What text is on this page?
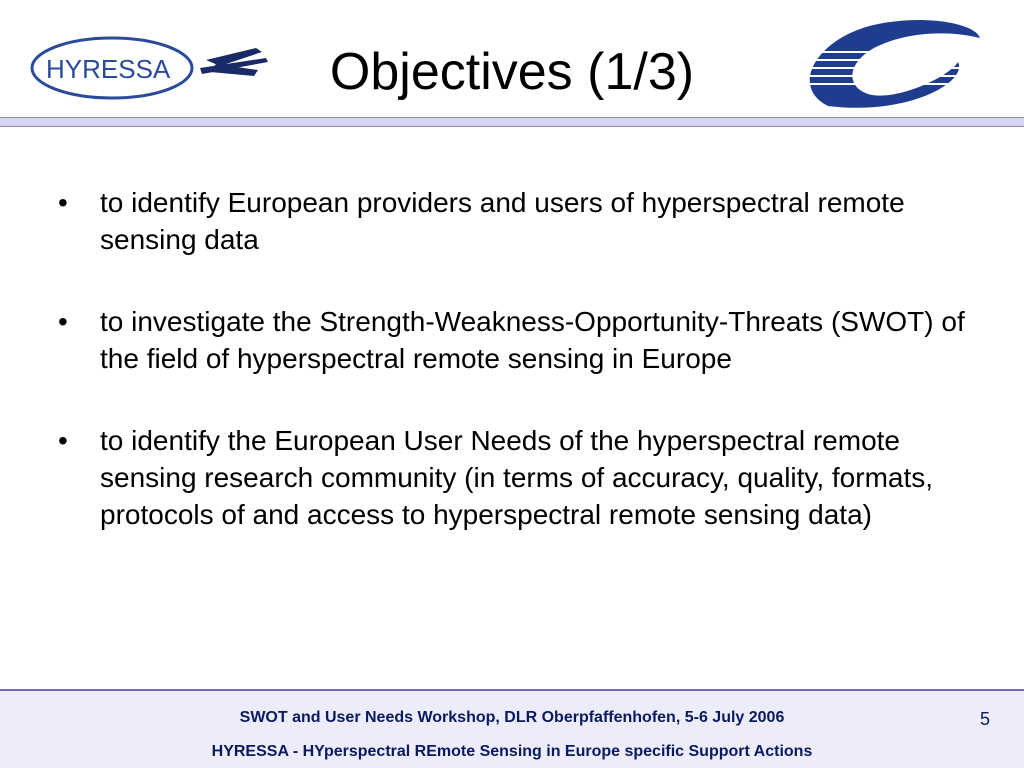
HYRESSA	Objectives (1/3)
• to identify European providers and users of hyperspectral remote sensing data
• to investigate the Strength-Weakness-Opportunity-Threats (SWOT) of the field of hyperspectral remote sensing in Europe
• to identify the European User Needs of the hyperspectral remote sensing research community (in terms of accuracy, quality, formats, protocols of and access to hyperspectral remote sensing data)
SWOT and User Needs Workshop, DLR Oberpfaffenhofen, 5-6 July 2006
HYRESSA - HYperspectral REmote Sensing in Europe specific Support Actions
5
